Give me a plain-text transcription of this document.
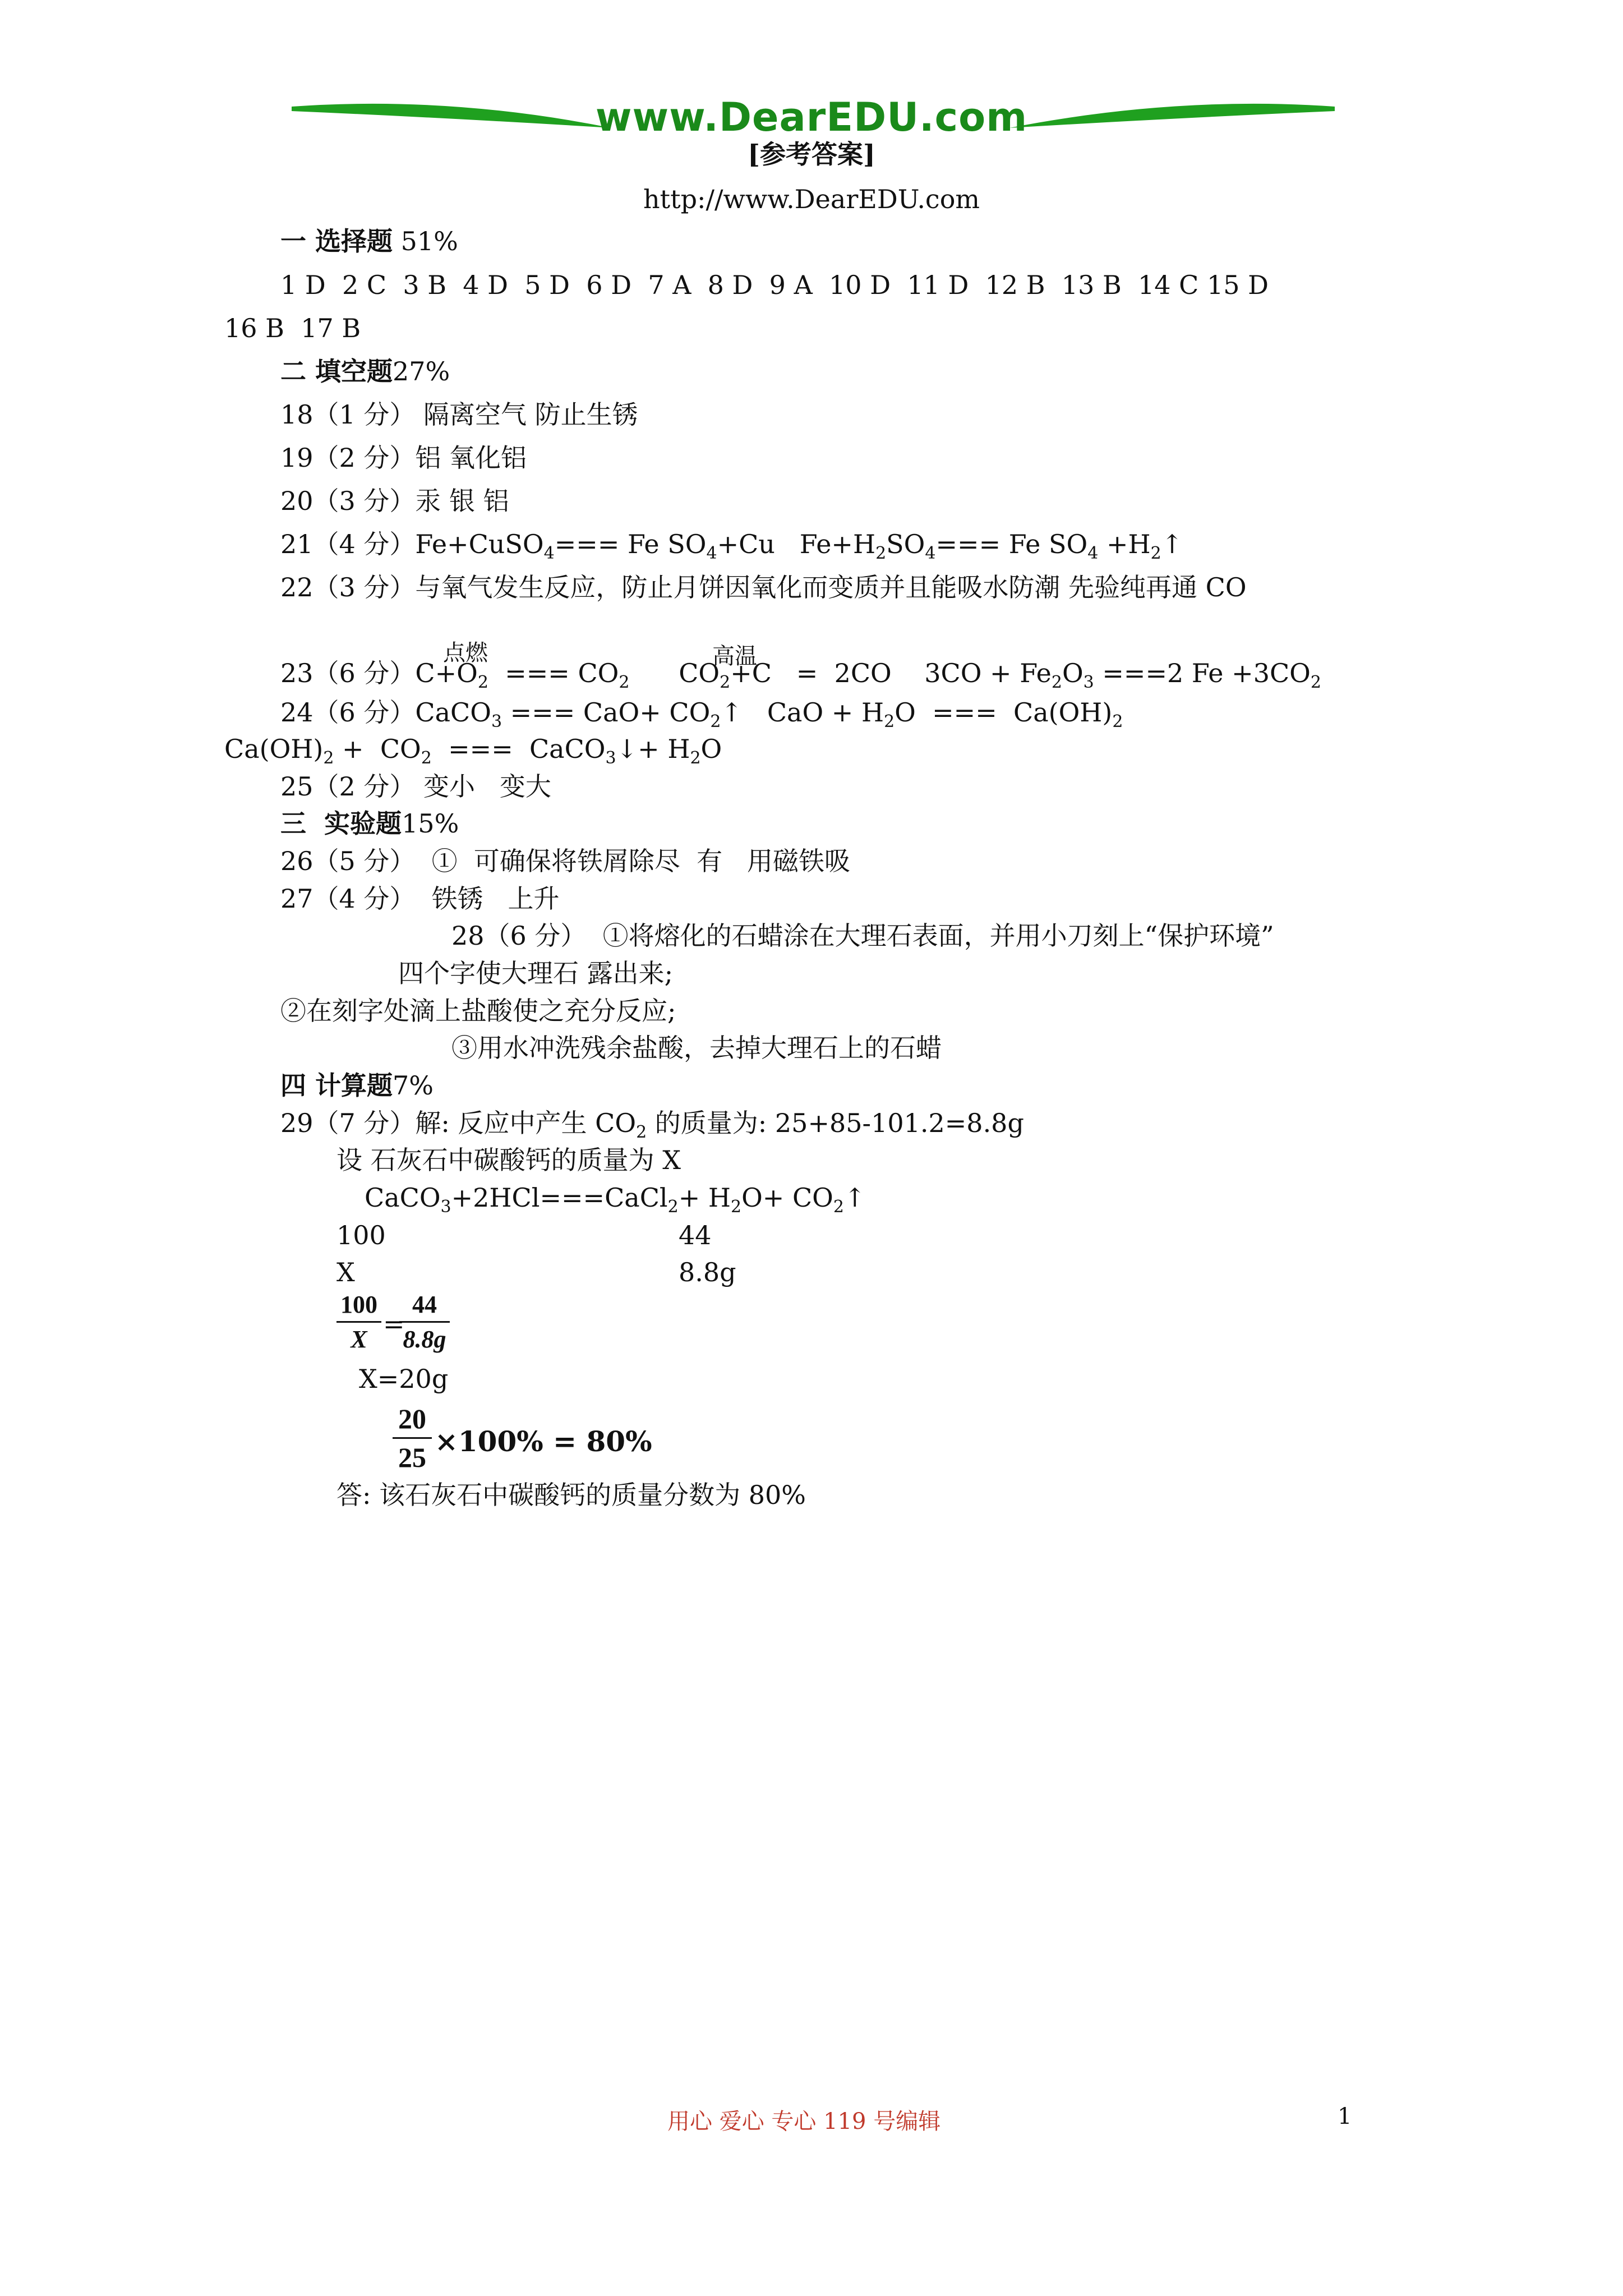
www.DearEDU.com
[参考答案]
http://www.DearEDU.com
一 选择题 51%
1 D  2 C  3 B  4 D  5 D  6 D  7 A  8 D  9 A  10 D  11 D  12 B  13 B  14 C 15 D
16 B  17 B
二 填空题27%
18（1 分） 隔离空气 防止生锈
19（2 分）铝 氧化铝
20（3 分）汞 银 铝
21（4 分）Fe+CuSO$_4$=== Fe $SO_4+Cu$   $Fe+H_2SO_4=== Fe$ $SO_4$ $+H_2↑$
22（3 分）与氧气发生反应，防止月饼因氧化而变质并且能吸水防潮 先验纯再通 CO
点燃	高温
23（6 分）$C+O_2$  === $CO_2$      $CO_2+C = 2CO$    $3CO + Fe_2O_3 ===2$ $Fe +3CO_2$
24（6 分）CaCO$_3$ === $CaO+ CO_2↑$   CaO + $H_2O$  ===  $Ca(OH)_2$
$Ca(OH)_2 + CO_2$  ===  CaCO$_3$↓+ $H_2O$
25（2 分） 变小   变大
三  实验题15%
26（5 分）  ①  可确保将铁屑除尽  有   用磁铁吸
27（4 分）  铁锈   上升
28（6 分）  ①将熔化的石蜡涂在大理石表面，并用小刀刻上“保护环境”
四个字使大理石 露出来;
②在刻字处滴上盐酸使之充分反应;
③用水冲洗残余盐酸，去掉大理石上的石蜡
四 计算题7%
29（7 分）解: 反应中产生 $CO_2$ 的质量为: 25+85-101.2=8.8g
设 石灰石中碳酸钙的质量为 X
CaCO$_3$+2HCl===CaCl$_2$+ $H_2O+$ $CO_2↑$
100	44
X	8.8g
100
X
=
44
8.8g
X=20g
20
25 ×100% = 80%
答: 该石灰石中碳酸钙的质量分数为 80%
用心 爱心 专心 119 号编辑	1
